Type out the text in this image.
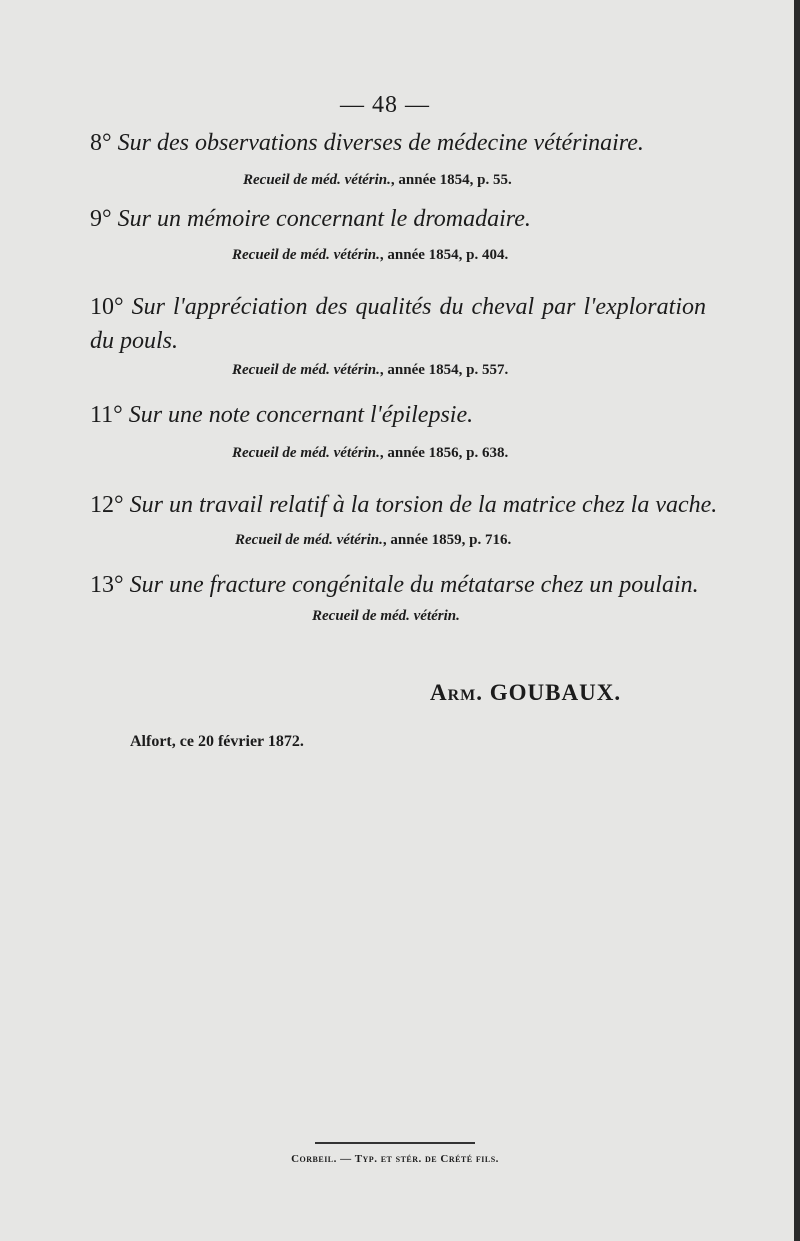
— 48 —
8° Sur des observations diverses de médecine vétérinaire.
Recueil de méd. vétérin., année 1854, p. 55.
9° Sur un mémoire concernant le dromadaire.
Recueil de méd. vétérin., année 1854, p. 404.
10° Sur l'appréciation des qualités du cheval par l'exploration du pouls.
Recueil de méd. vétérin., année 1854, p. 557.
11° Sur une note concernant l'épilepsie.
Recueil de méd. vétérin., année 1856, p. 638.
12° Sur un travail relatif à la torsion de la matrice chez la vache.
Recueil de méd. vétérin., année 1859, p. 716.
13° Sur une fracture congénitale du métatarse chez un poulain.
Recueil de méd. vétérin.
Arm. GOUBAUX.
Alfort, ce 20 février 1872.
Corbeil. — Typ. et stér. de Crété fils.
